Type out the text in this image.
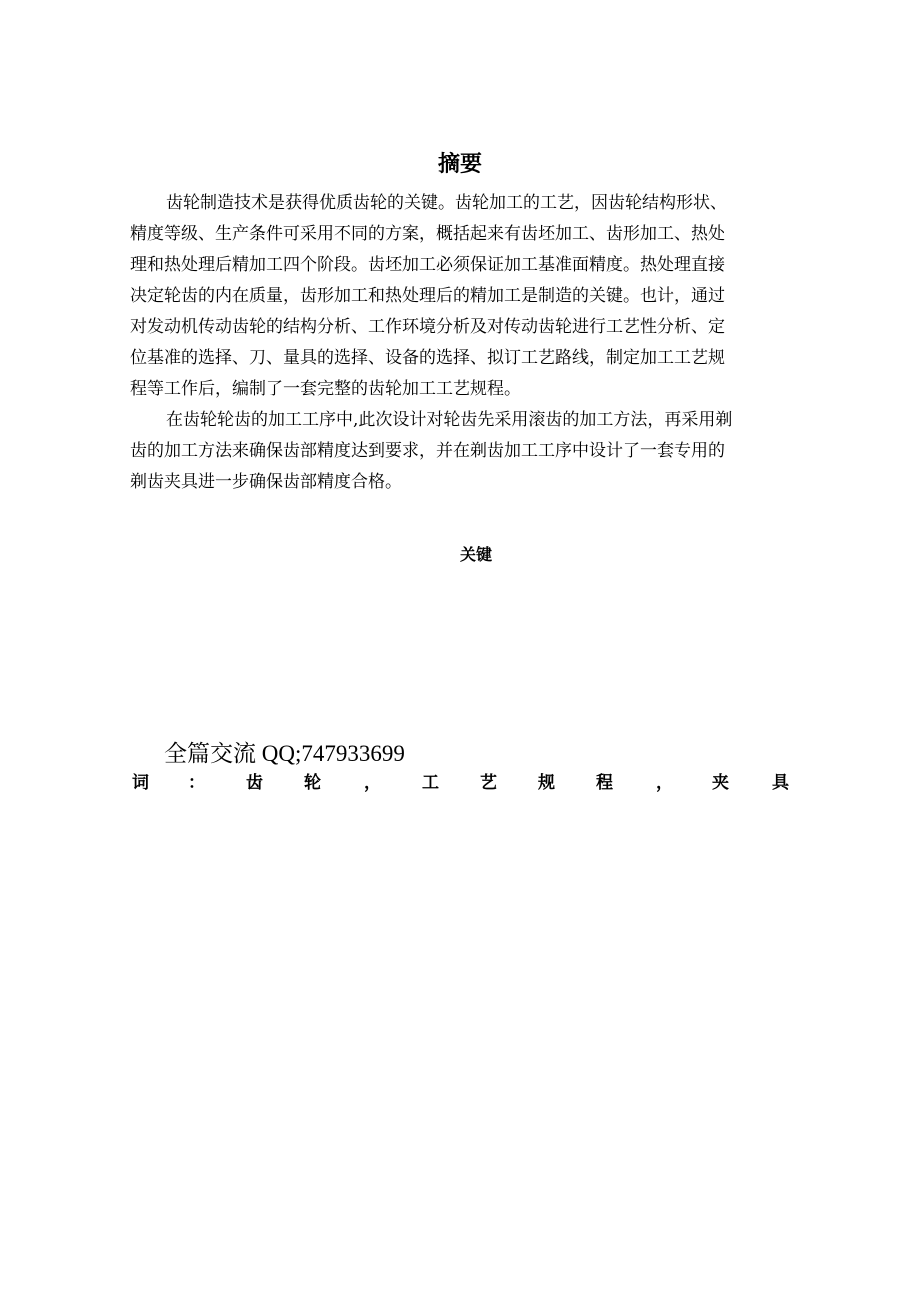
摘要
齿轮制造技术是获得优质齿轮的关键。齿轮加工的工艺，因齿轮结构形状、
精度等级、生产条件可采用不同的方案，概括起来有齿坯加工、齿形加工、热处
理和热处理后精加工四个阶段。齿坯加工必须保证加工基准面精度。热处理直接
决定轮齿的内在质量，齿形加工和热处理后的精加工是制造的关键。也计，通过
对发动机传动齿轮的结构分析、工作环境分析及对传动齿轮进行工艺性分析、定
位基准的选择、刀、量具的选择、设备的选择、拟订工艺路线，制定加工工艺规
程等工作后，编制了一套完整的齿轮加工工艺规程。
在齿轮轮齿的加工工序中,此次设计对轮齿先采用滚齿的加工方法，再采用剃
齿的加工方法来确保齿部精度达到要求，并在剃齿加工工序中设计了一套专用的
剃齿夹具进一步确保齿部精度合格。
关键
全篇交流 QQ;747933699
词 ： 齿 轮	， 工 艺 规 程	， 夹	具
